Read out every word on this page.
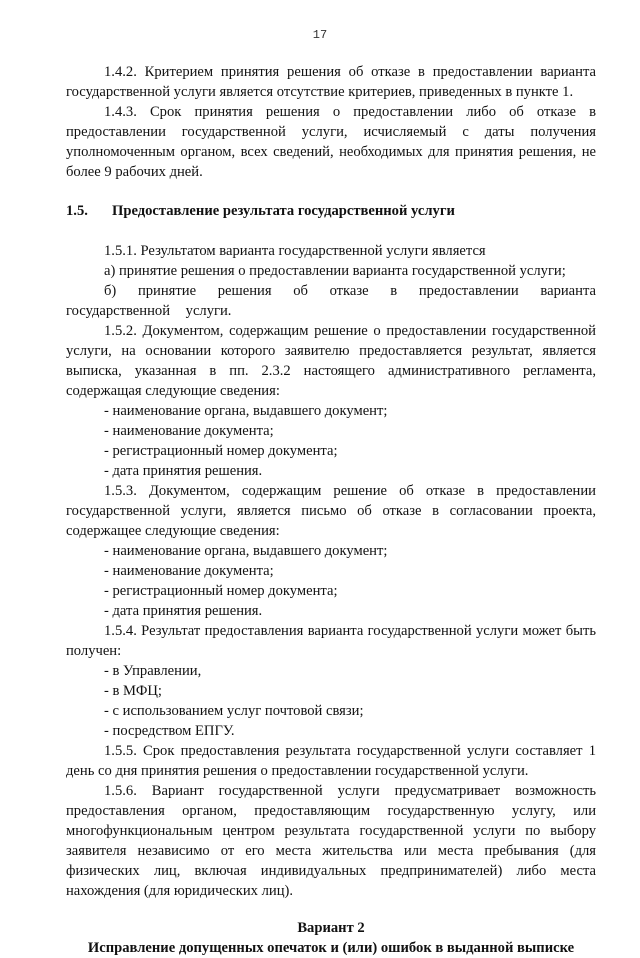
17

1.4.2. Критерием принятия решения об отказе в предоставлении варианта государственной услуги является отсутствие критериев, приведенных в пункте 1.

1.4.3. Срок принятия решения о предоставлении либо об отказе в предоставлении государственной услуги, исчисляемый с даты получения уполномоченным органом, всех сведений, необходимых для принятия решения, не более 9 рабочих дней.

1.5. Предоставление результата государственной услуги

1.5.1. Результатом варианта государственной услуги является

а) принятие решения о предоставлении варианта государственной услуги;

б) принятие решения об отказе в предоставлении варианта государственной услуги.

1.5.2. Документом, содержащим решение о предоставлении государственной услуги, на основании которого заявителю предоставляется результат, является выписка, указанная в пп. 2.3.2 настоящего административного регламента, содержащая следующие сведения:

- наименование органа, выдавшего документ;

- наименование документа;

- регистрационный номер документа;

- дата принятия решения.

1.5.3. Документом, содержащим решение об отказе в предоставлении государственной услуги, является письмо об отказе в согласовании проекта, содержащее следующие сведения:

- наименование органа, выдавшего документ;

- наименование документа;

- регистрационный номер документа;

- дата принятия решения.

1.5.4. Результат предоставления варианта государственной услуги может быть получен:

- в Управлении,

- в МФЦ;

- с использованием услуг почтовой связи;

- посредством ЕПГУ.

1.5.5. Срок предоставления результата государственной услуги составляет 1 день со дня принятия решения о предоставлении государственной услуги.

1.5.6. Вариант государственной услуги предусматривает возможность предоставления органом, предоставляющим государственную услугу, или многофункциональным центром результата государственной услуги по выбору заявителя независимо от его места жительства или места пребывания (для физических лиц, включая индивидуальных предпринимателей) либо места нахождения (для юридических лиц).

Вариант 2

Исправление допущенных опечаток и (или) ошибок в выданной выписке
